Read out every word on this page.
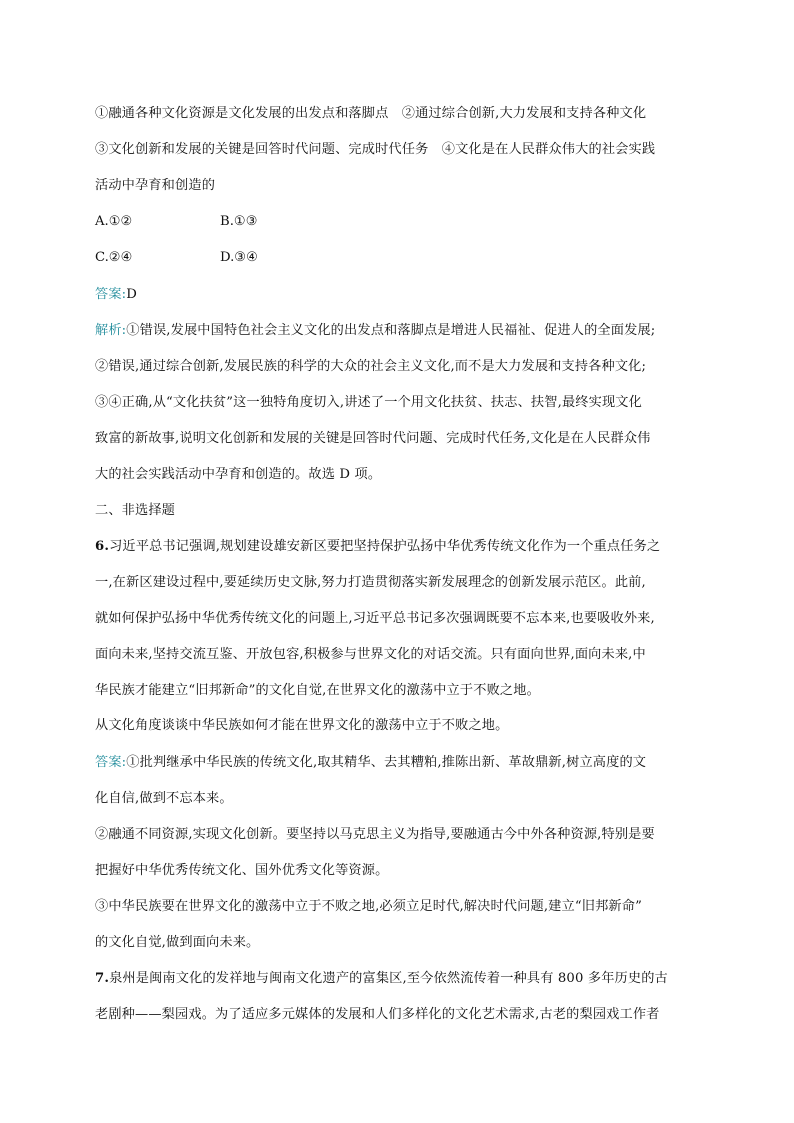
①融通各种文化资源是文化发展的出发点和落脚点　②通过综合创新,大力发展和支持各种文化
③文化创新和发展的关键是回答时代问题、完成时代任务　④文化是在人民群众伟大的社会实践
活动中孕育和创造的
A.①②	B.①③
C.②④	D.③④
答案:D
解析:①错误,发展中国特色社会主义文化的出发点和落脚点是增进人民福祉、促进人的全面发展;
②错误,通过综合创新,发展民族的科学的大众的社会主义文化,而不是大力发展和支持各种文化;
③④正确,从“文化扶贫”这一独特角度切入,讲述了一个用文化扶贫、扶志、扶智,最终实现文化
致富的新故事,说明文化创新和发展的关键是回答时代问题、完成时代任务,文化是在人民群众伟
大的社会实践活动中孕育和创造的。故选 D 项。
二、非选择题
6.习近平总书记强调,规划建设雄安新区要把坚持保护弘扬中华优秀传统文化作为一个重点任务之
一,在新区建设过程中,要延续历史文脉,努力打造贯彻落实新发展理念的创新发展示范区。此前,
就如何保护弘扬中华优秀传统文化的问题上,习近平总书记多次强调既要不忘本来,也要吸收外来,
面向未来,坚持交流互鉴、开放包容,积极参与世界文化的对话交流。只有面向世界,面向未来,中
华民族才能建立“旧邦新命”的文化自觉,在世界文化的激荡中立于不败之地。
从文化角度谈谈中华民族如何才能在世界文化的激荡中立于不败之地。
答案:①批判继承中华民族的传统文化,取其精华、去其糟粕,推陈出新、革故鼎新,树立高度的文
化自信,做到不忘本来。
②融通不同资源,实现文化创新。要坚持以马克思主义为指导,要融通古今中外各种资源,特别是要
把握好中华优秀传统文化、国外优秀文化等资源。
③中华民族要在世界文化的激荡中立于不败之地,必须立足时代,解决时代问题,建立“旧邦新命”
的文化自觉,做到面向未来。
7.泉州是闽南文化的发祥地与闽南文化遗产的富集区,至今依然流传着一种具有 800 多年历史的古
老剧种——梨园戏。为了适应多元媒体的发展和人们多样化的文化艺术需求,古老的梨园戏工作者
